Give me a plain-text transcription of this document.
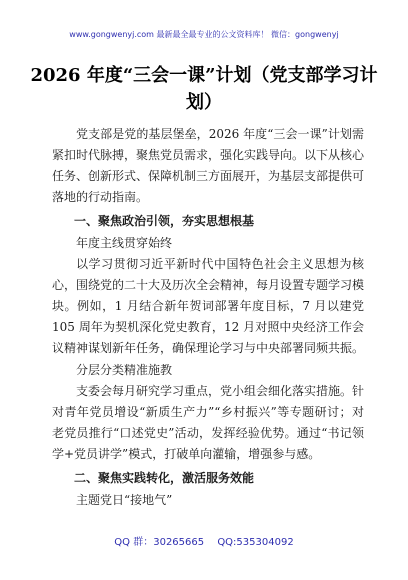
www.gongwenyj.com 最新最全最专业的公文资料库！ 微信：gongwenyj
2026 年度“三会一课”计划（党支部学习计划）

党支部是党的基层堡垒，2026 年度“三会一课”计划需紧扣时代脉搏，聚焦党员需求，强化实践导向。以下从核心任务、创新形式、保障机制三方面展开，为基层支部提供可落地的行动指南。

一、聚焦政治引领，夯实思想根基
年度主线贯穿始终

以学习贯彻习近平新时代中国特色社会主义思想为核心，围绕党的二十大及历次全会精神，每月设置专题学习模块。例如，1 月结合新年贺词部署年度目标，7 月以建党 105 周年为契机深化党史教育，12 月对照中央经济工作会议精神谋划新年任务，确保理论学习与中央部署同频共振。

分层分类精准施教

支委会每月研究学习重点，党小组会细化落实措施。针对青年党员增设“新质生产力”“乡村振兴”等专题研讨；对老党员推行“口述党史”活动，发挥经验优势。通过“书记领学+党员讲学”模式，打破单向灌输，增强参与感。

二、聚焦实践转化，激活服务效能
主题党日“接地气”
QQ 群：30265665 QQ:535304092
